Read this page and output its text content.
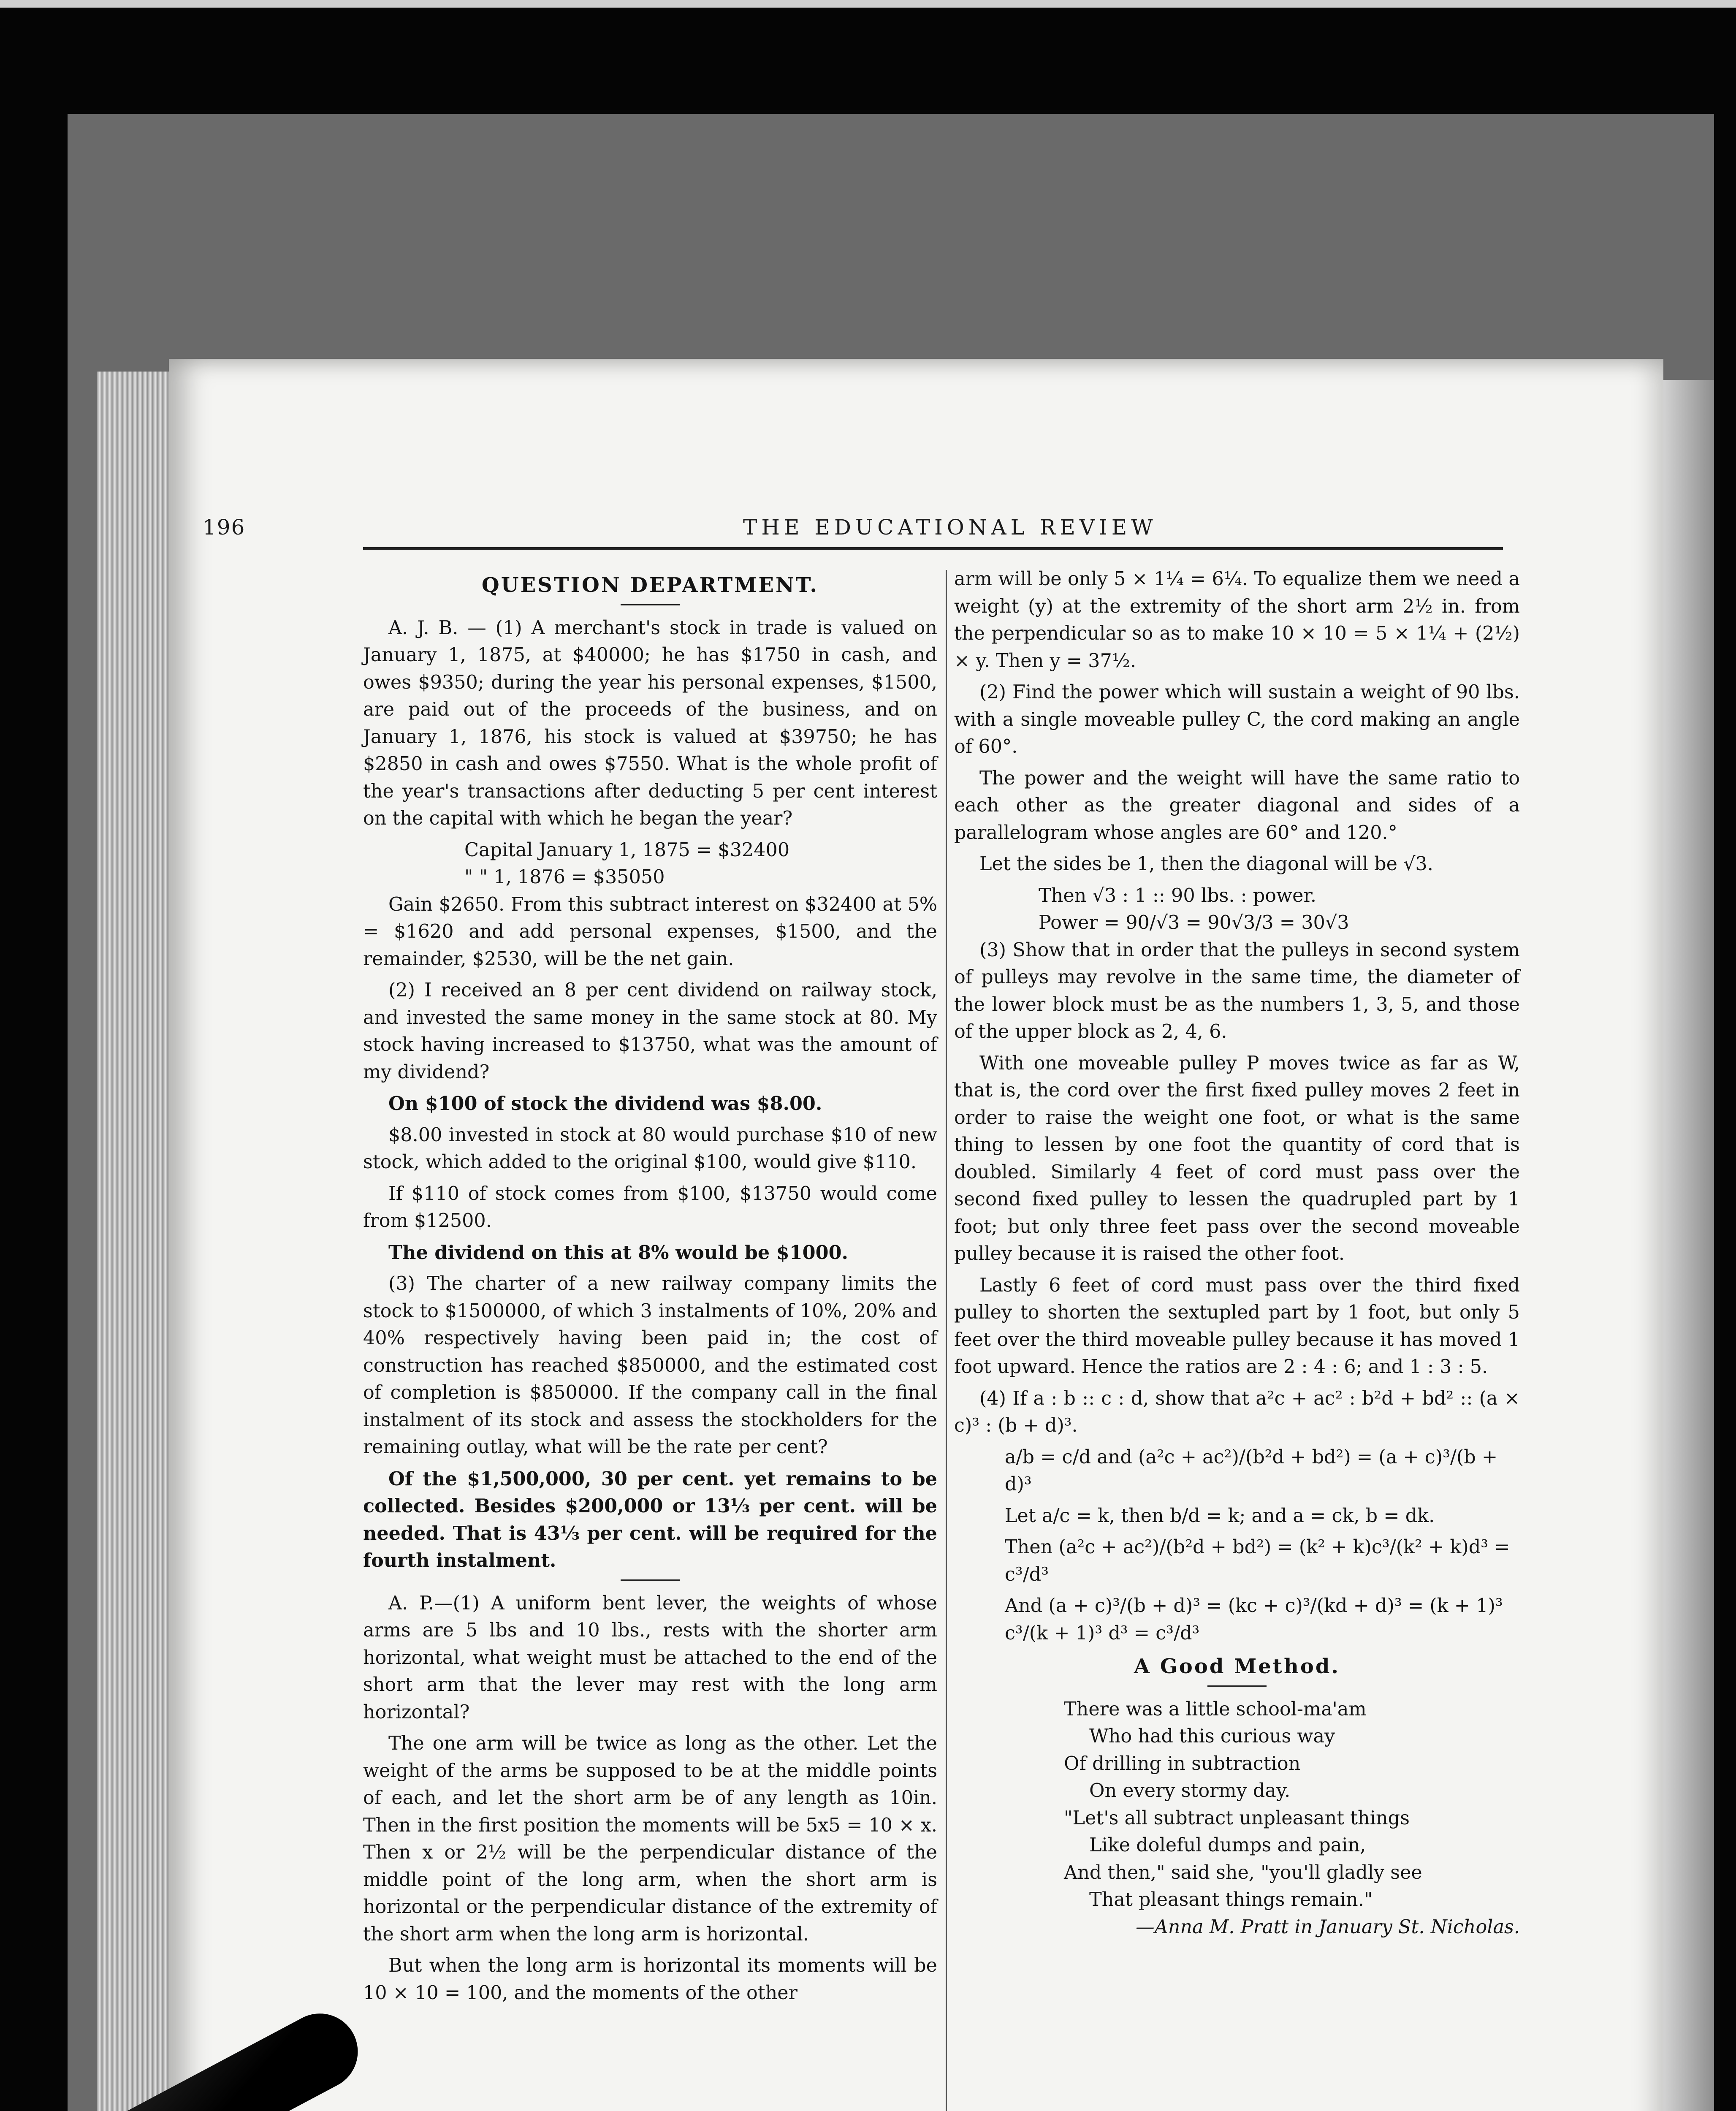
196	THE EDUCATIONAL REVIEW
QUESTION DEPARTMENT.

A. J. B. — (1) A merchant's stock in trade is valued on January 1, 1875, at $40000; he has $1750 in cash, and owes $9350; during the year his personal expenses, $1500, are paid out of the proceeds of the business, and on January 1, 1876, his stock is valued at $39750; he has $2850 in cash and owes $7550. What is the whole profit of the year's transactions after deducting 5 per cent interest on the capital with which he began the year?

Capital January 1, 1875 = $32400

" " 1, 1876 = $35050

Gain $2650. From this subtract interest on $32400 at 5% = $1620 and add personal expenses, $1500, and the remainder, $2530, will be the net gain.

(2) I received an 8 per cent dividend on railway stock, and invested the same money in the same stock at 80. My stock having increased to $13750, what was the amount of my dividend?

On $100 of stock the dividend was $8.00.

$8.00 invested in stock at 80 would purchase $10 of new stock, which added to the original $100, would give $110.

If $110 of stock comes from $100, $13750 would come from $12500.

The dividend on this at 8% would be $1000.

(3) The charter of a new railway company limits the stock to $1500000, of which 3 instalments of 10%, 20% and 40% respectively having been paid in; the cost of construction has reached $850000, and the estimated cost of completion is $850000. If the company call in the final instalment of its stock and assess the stockholders for the remaining outlay, what will be the rate per cent?

Of the $1,500,000, 30 per cent. yet remains to be collected. Besides $200,000 or 13⅓ per cent. will be needed. That is 43⅓ per cent. will be required for the fourth instalment.

A. P.—(1) A uniform bent lever, the weights of whose arms are 5 lbs and 10 lbs., rests with the shorter arm horizontal, what weight must be attached to the end of the short arm that the lever may rest with the long arm horizontal?

The one arm will be twice as long as the other. Let the weight of the arms be supposed to be at the middle points of each, and let the short arm be of any length as 10in. Then in the first position the moments will be 5x5 = 10 × x. Then x or 2½ will be the perpendicular distance of the middle point of the long arm, when the short arm is horizontal or the perpendicular distance of the extremity of the short arm when the long arm is horizontal.

But when the long arm is horizontal its moments will be 10 × 10 = 100, and the moments of the other

arm will be only 5 × 1¼ = 6¼. To equalize them we need a weight (y) at the extremity of the short arm 2½ in. from the perpendicular so as to make 10 × 10 = 5 × 1¼ + (2½) × y. Then y = 37½.

(2) Find the power which will sustain a weight of 90 lbs. with a single moveable pulley C, the cord making an angle of 60°.

The power and the weight will have the same ratio to each other as the greater diagonal and sides of a parallelogram whose angles are 60° and 120.°

Let the sides be 1, then the diagonal will be √3.

Then √3 : 1 :: 90 lbs. : power.

Power = 90/√3 = 90√3/3 = 30√3

(3) Show that in order that the pulleys in second system of pulleys may revolve in the same time, the diameter of the lower block must be as the numbers 1, 3, 5, and those of the upper block as 2, 4, 6.

With one moveable pulley P moves twice as far as W, that is, the cord over the first fixed pulley moves 2 feet in order to raise the weight one foot, or what is the same thing to lessen by one foot the quantity of cord that is doubled. Similarly 4 feet of cord must pass over the second fixed pulley to lessen the quadrupled part by 1 foot; but only three feet pass over the second moveable pulley because it is raised the other foot.

Lastly 6 feet of cord must pass over the third fixed pulley to shorten the sextupled part by 1 foot, but only 5 feet over the third moveable pulley because it has moved 1 foot upward. Hence the ratios are 2 : 4 : 6; and 1 : 3 : 5.

(4) If a : b :: c : d, show that a²c + ac² : b²d + bd² :: (a × c)³ : (b + d)³.

a/b = c/d and (a²c + ac²)/(b²d + bd²) = (a + c)³/(b + d)³

Let a/c = k, then b/d = k; and a = ck, b = dk.

Then (a²c + ac²)/(b²d + bd²) = (k² + k)c³/(k² + k)d³ = c³/d³

And (a + c)³/(b + d)³ = (kc + c)³/(kd + d)³ = (k + 1)³ c³/(k + 1)³ d³ = c³/d³

A Good Method.

There was a little school-ma'am

Who had this curious way

Of drilling in subtraction

On every stormy day.

"Let's all subtract unpleasant things

Like doleful dumps and pain,

And then," said she, "you'll gladly see

That pleasant things remain."

—Anna M. Pratt in January St. Nicholas.
